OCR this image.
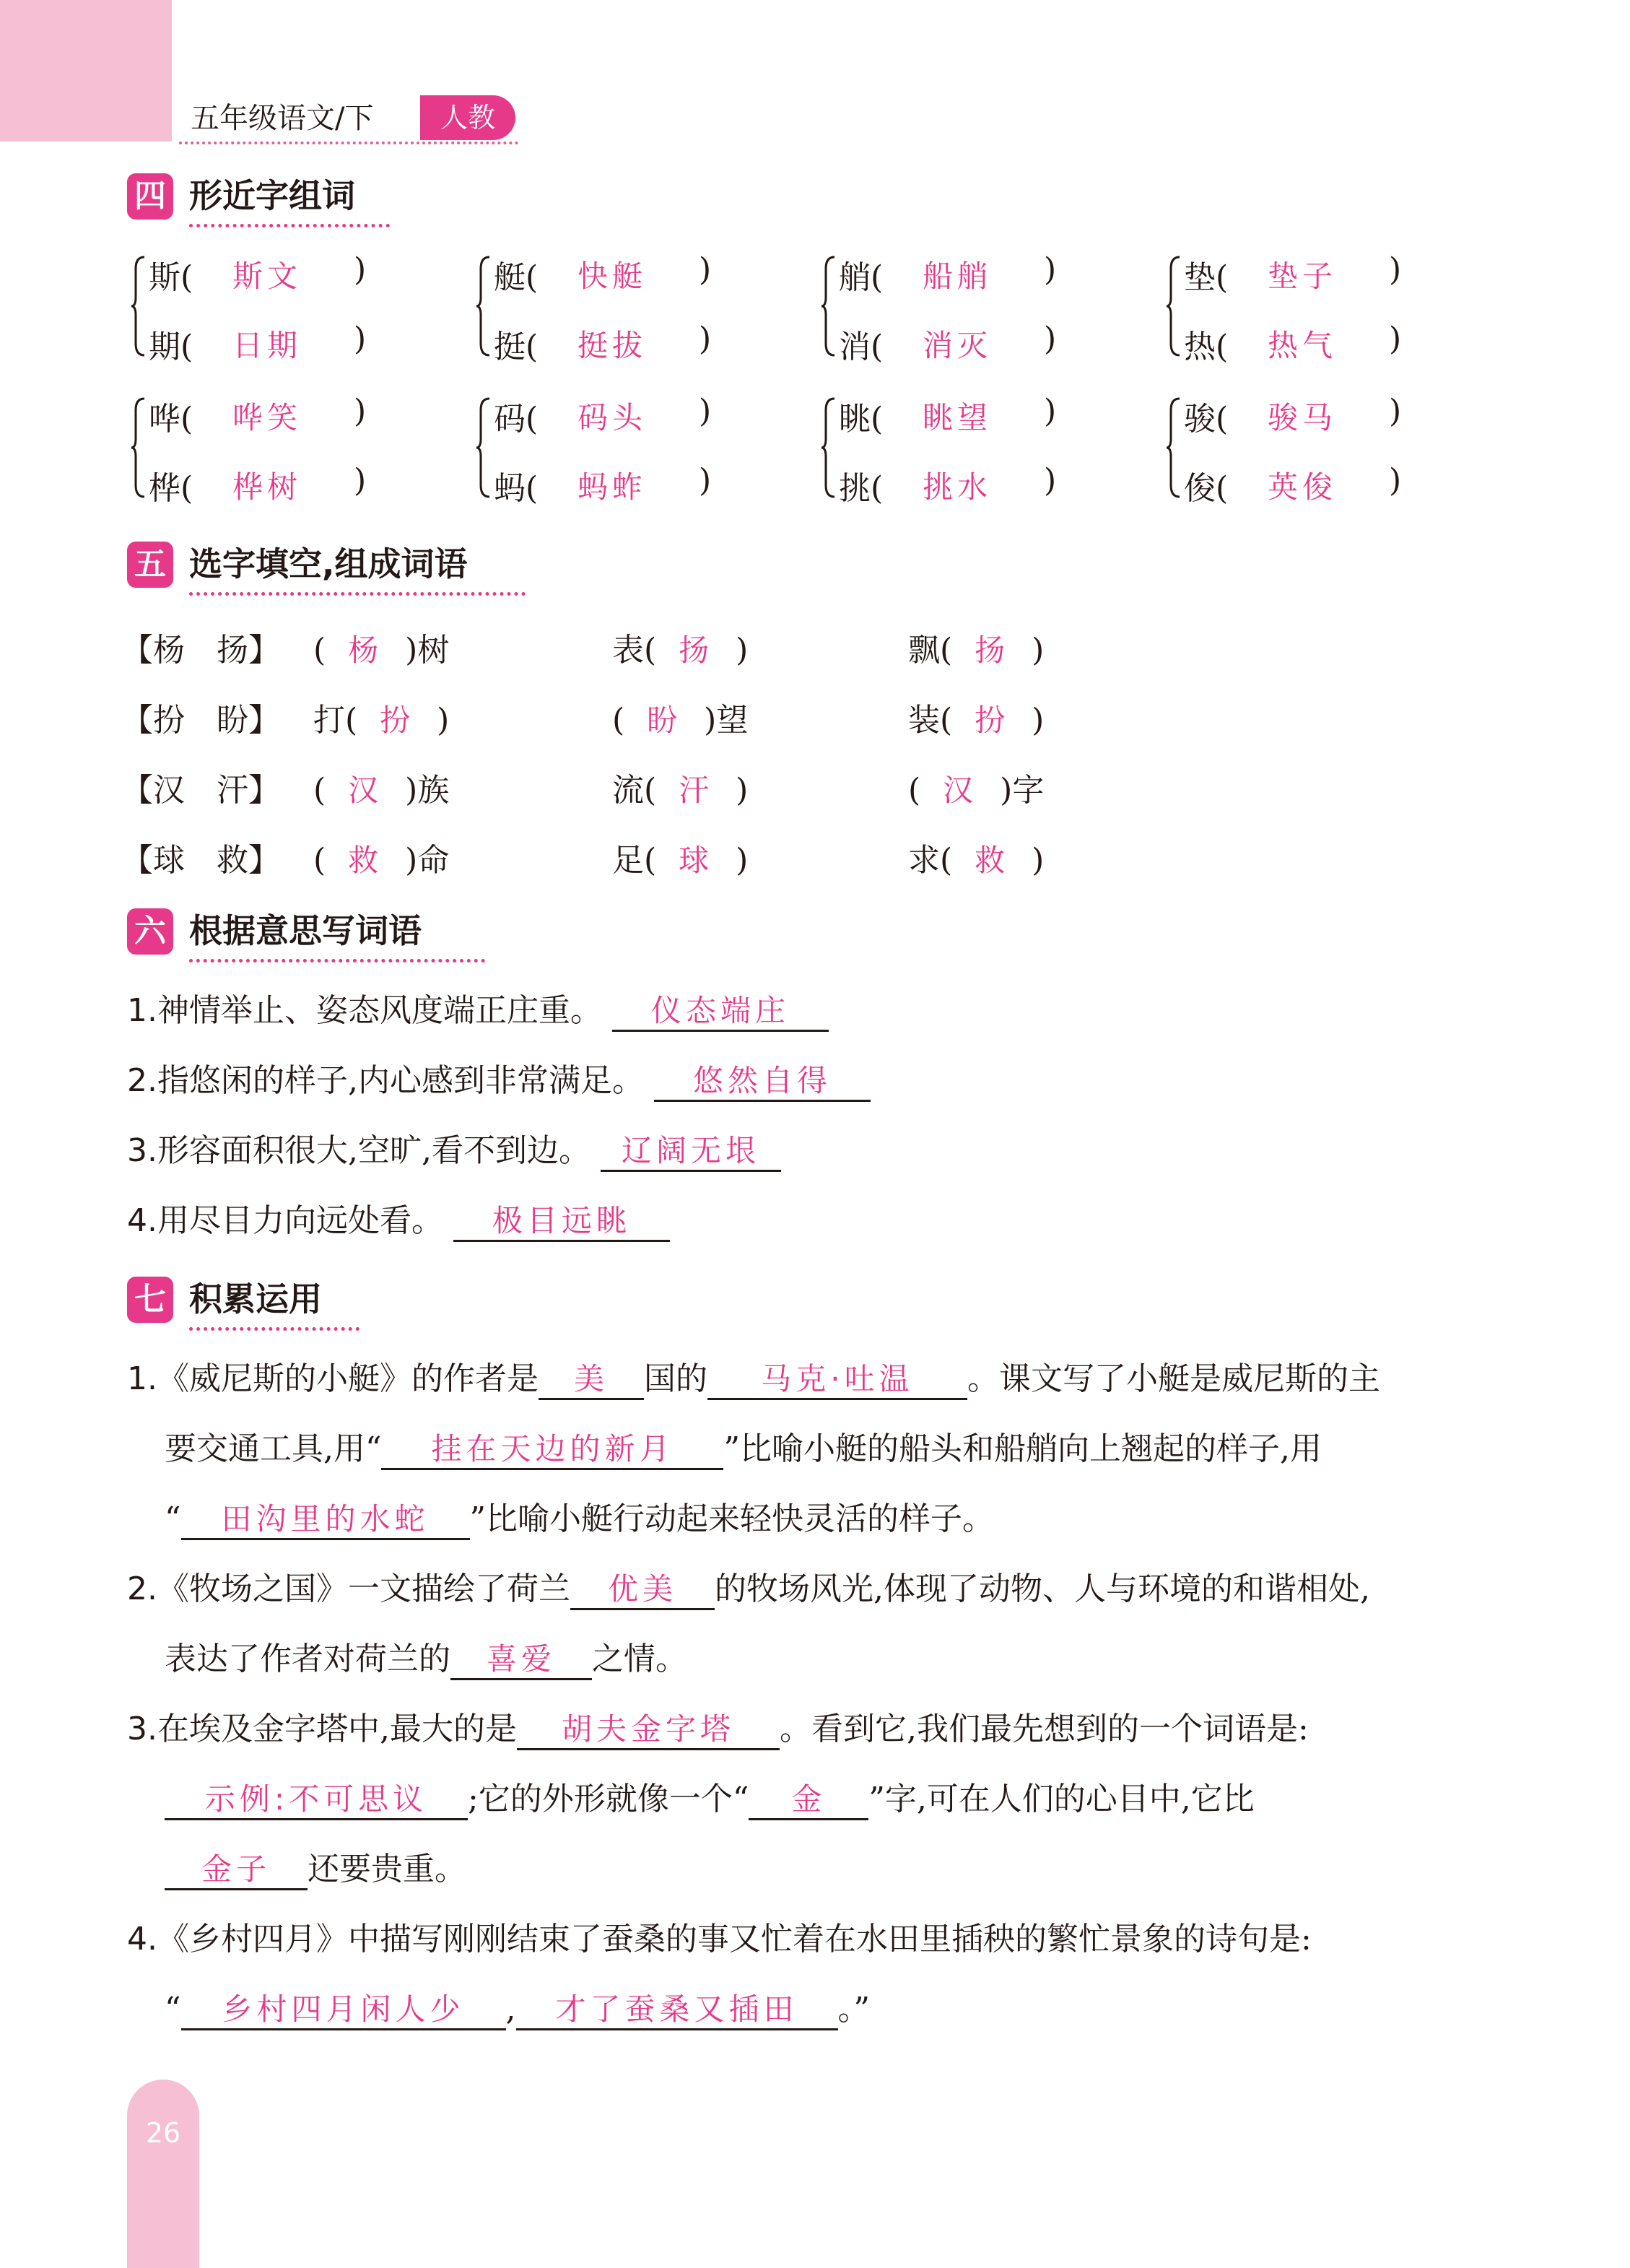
五年级语文/下	人教
四 形近字组词
斯( 斯文 )
期( 日期 )
艇( 快艇 )
挺( 挺拔 )
艄( 船艄 )
消( 消灭 )
垫( 垫子 )
热( 热气 )
哗( 哗笑 )
桦( 桦树 )
码( 码头 )
蚂( 蚂蚱 )
眺( 眺望 )
挑( 挑水 )
骏( 骏马 )
俊( 英俊 )
五 选字填空,组成词语
【杨　扬】 ( 杨 )树	表( 扬 )	飘( 扬 )
【扮　盼】 打( 扮 )	( 盼 )望	装( 扮 )
【汉　汗】 ( 汉 )族	流( 汗 )	( 汉 )字
【球　救】 ( 救 )命	足( 球 )	求( 救 )
六 根据意思写词语
1.神情举止、姿态风度端正庄重。 仪态端庄
2.指悠闲的样子,内心感到非常满足。 悠然自得
3.形容面积很大,空旷,看不到边。 辽阔无垠
4.用尽目力向远处看。 极目远眺
七 积累运用
1.《威尼斯的小艇》的作者是 美 国的 马克·吐温 。课文写了小艇是威尼斯的主
要交通工具,用“ 挂在天边的新月 ”比喻小艇的船头和船艄向上翘起的样子,用
“ 田沟里的水蛇 ”比喻小艇行动起来轻快灵活的样子。
2.《牧场之国》一文描绘了荷兰 优美 的牧场风光,体现了动物、人与环境的和谐相处,
表达了作者对荷兰的 喜爱 之情。
3.在埃及金字塔中,最大的是 胡夫金字塔 。看到它,我们最先想到的一个词语是:
示例:不可思议 ;它的外形就像一个“ 金 ”字,可在人们的心目中,它比
金子 还要贵重。
4.《乡村四月》中描写刚刚结束了蚕桑的事又忙着在水田里插秧的繁忙景象的诗句是:
“ 乡村四月闲人少 , 才了蚕桑又插田 。”
26
